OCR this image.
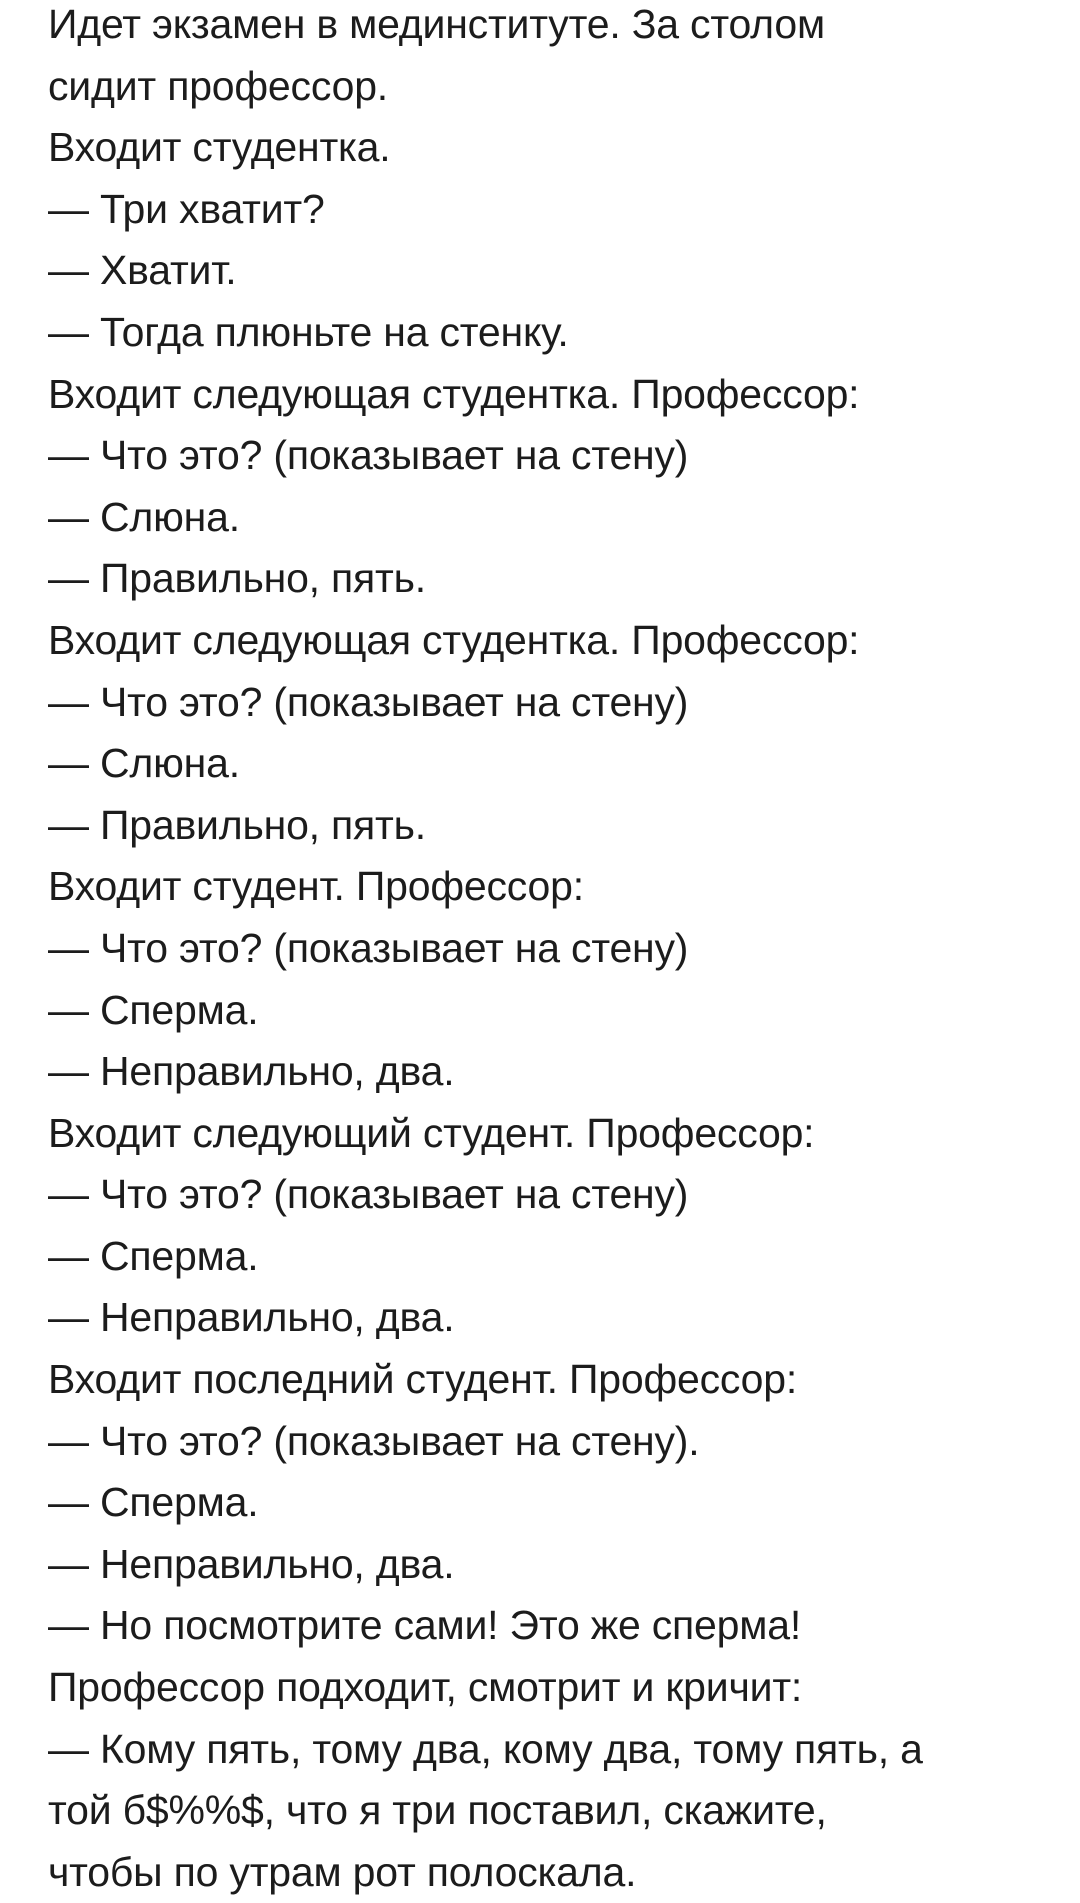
Идет экзамен в мединституте. За столом
сидит профессор.
Входит студентка.
— Три хватит?
— Хватит.
— Тогда плюньте на стенку.
Входит следующая студентка. Профессор:
— Что это? (показывает на стену)
— Слюна.
— Правильно, пять.
Входит следующая студентка. Профессор:
— Что это? (показывает на стену)
— Слюна.
— Правильно, пять.
Входит студент. Профессор:
— Что это? (показывает на стену)
— Сперма.
— Неправильно, два.
Входит следующий студент. Профессор:
— Что это? (показывает на стену)
— Сперма.
— Неправильно, два.
Входит последний студент. Профессор:
— Что это? (показывает на стену).
— Сперма.
— Неправильно, два.
— Но посмотрите сами! Это же сперма!
Профессор подходит, смотрит и кричит:
— Кому пять, тому два, кому два, тому пять, а
той б$%%$, что я три поставил, скажите,
чтобы по утрам рот полоскала.
